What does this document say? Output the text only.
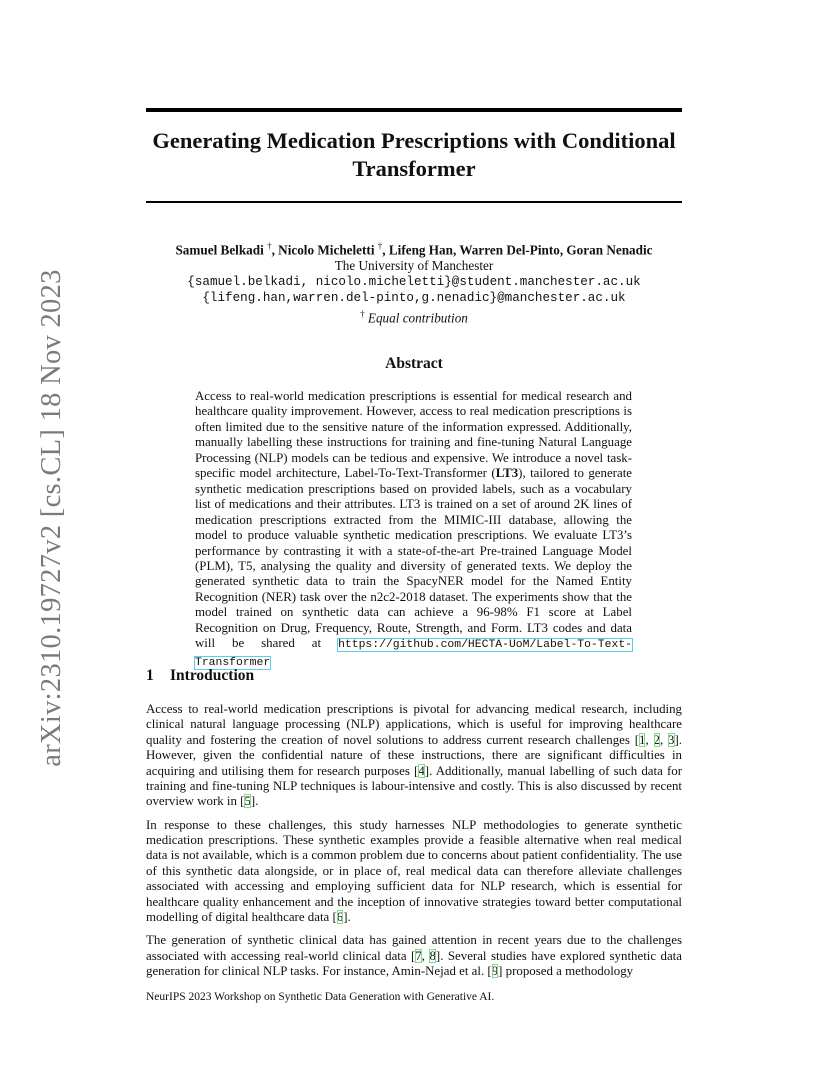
arXiv:2310.19727v2 [cs.CL] 18 Nov 2023
Generating Medication Prescriptions with Conditional
Transformer
Samuel Belkadi †, Nicolo Micheletti †, Lifeng Han, Warren Del-Pinto, Goran Nenadic
The University of Manchester
{samuel.belkadi, nicolo.micheletti}@student.manchester.ac.uk
{lifeng.han,warren.del-pinto,g.nenadic}@manchester.ac.uk
† Equal contribution
Abstract
Access to real-world medication prescriptions is essential for medical research and healthcare quality improvement. However, access to real medication prescriptions is often limited due to the sensitive nature of the information expressed. Additionally, manually labelling these instructions for training and fine-tuning Natural Language Processing (NLP) models can be tedious and expensive. We introduce a novel task-specific model architecture, Label-To-Text-Transformer (LT3), tailored to generate synthetic medication prescriptions based on provided labels, such as a vocabulary list of medications and their attributes. LT3 is trained on a set of around 2K lines of medication prescriptions extracted from the MIMIC-III database, allowing the model to produce valuable synthetic medication prescriptions. We evaluate LT3’s performance by contrasting it with a state-of-the-art Pre-trained Language Model (PLM), T5, analysing the quality and diversity of generated texts. We deploy the generated synthetic data to train the SpacyNER model for the Named Entity Recognition (NER) task over the n2c2-2018 dataset. The experiments show that the model trained on synthetic data can achieve a 96-98% F1 score at Label Recognition on Drug, Frequency, Route, Strength, and Form. LT3 codes and data will be shared at https://github.com/HECTA-UoM/Label-To-Text-Transformer
1 Introduction

Access to real-world medication prescriptions is pivotal for advancing medical research, including clinical natural language processing (NLP) applications, which is useful for improving healthcare quality and fostering the creation of novel solutions to address current research challenges [1, 2, 3]. However, given the confidential nature of these instructions, there are significant difficulties in acquiring and utilising them for research purposes [4]. Additionally, manual labelling of such data for training and fine-tuning NLP techniques is labour-intensive and costly. This is also discussed by recent overview work in [5].

In response to these challenges, this study harnesses NLP methodologies to generate synthetic medication prescriptions. These synthetic examples provide a feasible alternative when real medical data is not available, which is a common problem due to concerns about patient confidentiality. The use of this synthetic data alongside, or in place of, real medical data can therefore alleviate challenges associated with accessing and employing sufficient data for NLP research, which is essential for healthcare quality enhancement and the inception of innovative strategies toward better computational modelling of digital healthcare data [6].

The generation of synthetic clinical data has gained attention in recent years due to the challenges associated with accessing real-world clinical data [7, 8]. Several studies have explored synthetic data generation for clinical NLP tasks. For instance, Amin-Nejad et al. [9] proposed a methodology

NeurIPS 2023 Workshop on Synthetic Data Generation with Generative AI.
